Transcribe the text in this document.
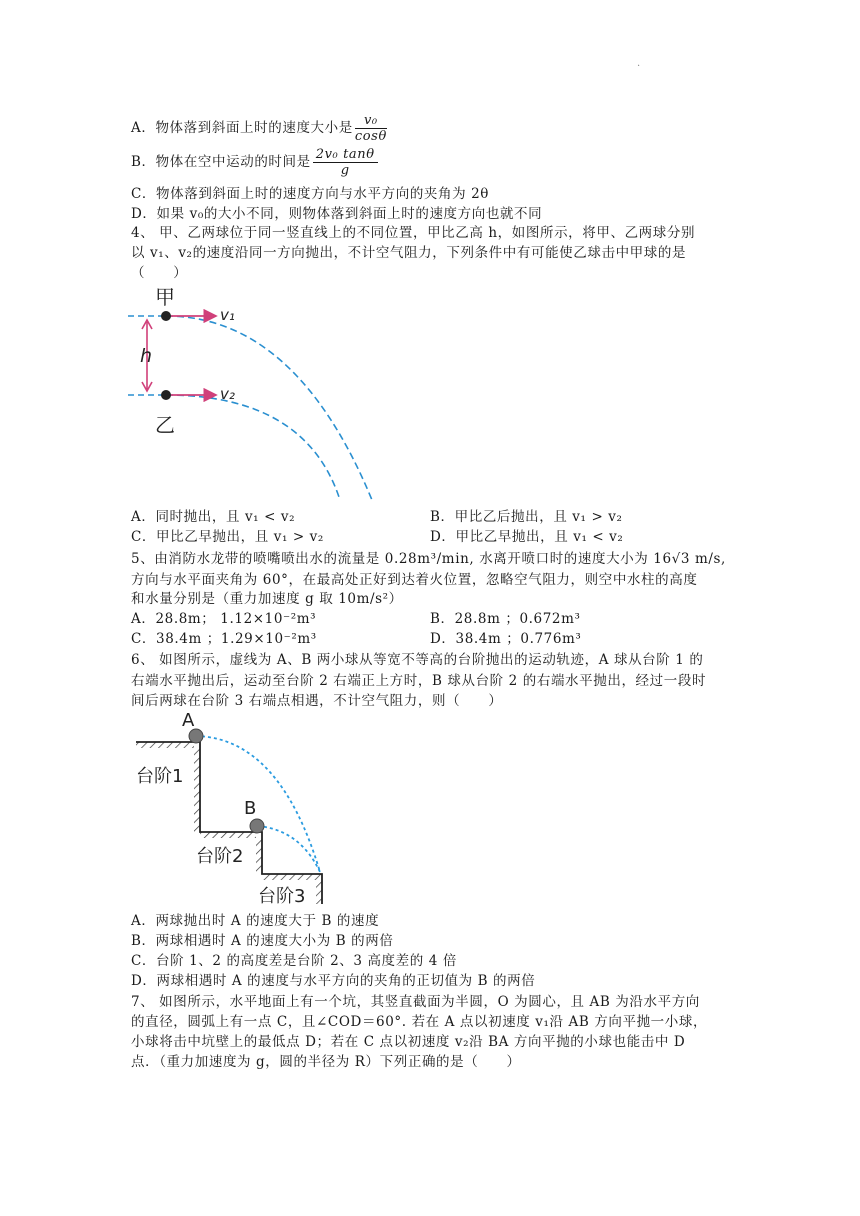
.
A．物体落到斜面上时的速度大小是 $\frac{\text{v₀}}{\cos\theta}$
B．物体在空中运动的时间是 $\frac{\text{2v₀ tanθ}}{g}$
C．物体落到斜面上时的速度方向与水平方向的夹角为 2θ
D．如果 v₀的大小不同，则物体落到斜面上时的速度方向也就不同
4、 甲、乙两球位于同一竖直线上的不同位置，甲比乙高 h，如图所示，将甲、乙两球分别
以 v₁、v₂的速度沿同一方向抛出，不计空气阻力，下列条件中有可能使乙球击中甲球的是
（　　）
甲
乙
h
v₁
v₂
A．同时抛出，且 v₁ < v₂	B．甲比乙后抛出，且 v₁ > v₂
C．甲比乙早抛出，且 v₁ > v₂	D．甲比乙早抛出，且 v₁ < v₂
5、由消防水龙带的喷嘴喷出水的流量是 0.28m³/min, 水离开喷口时的速度大小为 16√3 m/s,
方向与水平面夹角为 60°，在最高处正好到达着火位置，忽略空气阻力，则空中水柱的高度
和水量分别是（重力加速度 g 取 10m/s²）
A．28.8m； 1.12×10⁻²m³	B．28.8m ；0.672m³
C．38.4m ；1.29×10⁻²m³	D．38.4m ；0.776m³
6、 如图所示，虚线为 A、B 两小球从等宽不等高的台阶抛出的运动轨迹，A 球从台阶 1 的
右端水平抛出后，运动至台阶 2 右端正上方时，B 球从台阶 2 的右端水平抛出，经过一段时
间后两球在台阶 3 右端点相遇，不计空气阻力，则（　　）
A
B
台阶1
台阶2
台阶3
A．两球抛出时 A 的速度大于 B 的速度
B．两球相遇时 A 的速度大小为 B 的两倍
C．台阶 1、2 的高度差是台阶 2、3 高度差的 4 倍
D．两球相遇时 A 的速度与水平方向的夹角的正切值为 B 的两倍
7、 如图所示，水平地面上有一个坑，其竖直截面为半圆，O 为圆心，且 AB 为沿水平方向
的直径，圆弧上有一点 C，且∠COD＝60°. 若在 A 点以初速度 v₁沿 AB 方向平抛一小球，
小球将击中坑壁上的最低点 D；若在 C 点以初速度 v₂沿 BA 方向平抛的小球也能击中 D
点．（重力加速度为 g，圆的半径为 R）下列正确的是（　　）
